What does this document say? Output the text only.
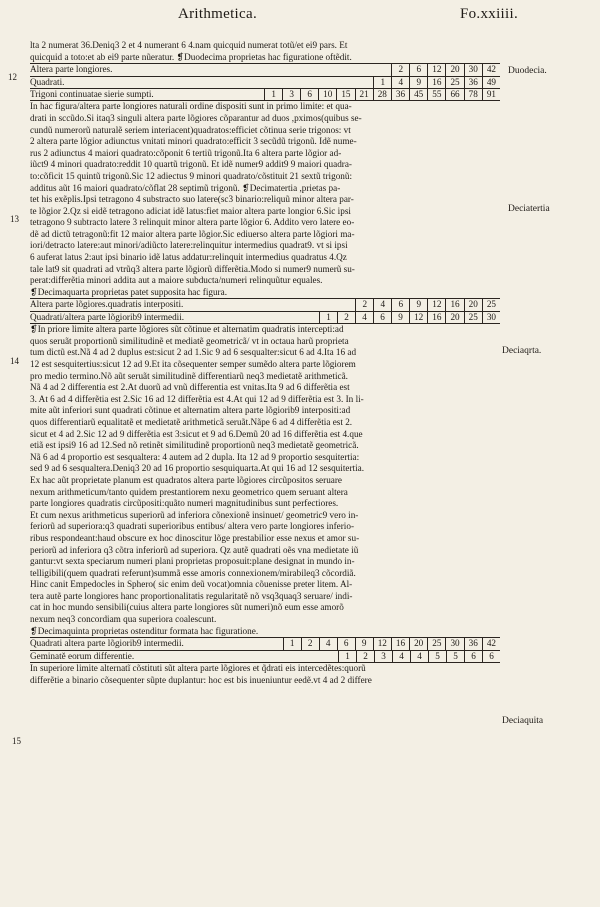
Arithmetica.	Fo.xxiiii.
12
13
14
15
Duodecia.
Deciatertia
Deciaqrta.
Deciaquita
lta 2 numerat 36.Deniq3 2 et 4 numerant 6 4.nam quicquid numerat totũ/et ei9 pars. Et
quicquid a toto:et ab ei9 parte nũeratur. ❡Duodecima proprietas hac figuratione oftẽdit.
Altera parte longiores.	2	6	12 20 30 42
Quadrati.	1	4	9	16 25 36 49
Trigoni continuatae sierie sumpti.	1	3	6	10 15 21 28 36 45 55 66 78 91
In hac figura/altera parte longiores naturali ordine dispositi sunt in primo limite: et qua-
drati in sccũdo.Si itaq3 singuli altera parte lõgiores cõparantur ad duos ,pximos(quibus se-
cundũ numerorũ naturalẽ seriem interiacent)quadratos:efficiet cõtinua serie trigonos: vt
2 altera parte lõgior adiunctus vnitati minori quadrato:efficit 3 secũdũ trigonũ. Idẽ nume-
rus 2 adiunctus 4 maiori quadrato:cõponit 6 tertiũ trigonũ.Ita 6 altera parte lõgior ad-
iũct9 4 minori quadrato:reddit 10 quartũ trigonũ. Et idẽ numer9 addit9 9 maiori quadra-
to:cõficit 15 quintũ trigonũ.Sic 12 adiectus 9 minori quadrato/cõstituit 21 sextũ trigonũ:
additus aũt 16 maiori quadrato/cõflat 28 septimũ trigonũ. ❡Decimatertia ,prietas pa-
tet his exẽplis.Ipsi tetragono 4 substracto suo latere(sc3 binario:reliquũ minor altera par-
te lõgior 2.Qz si eidẽ tetragono adiciat idẽ latus:fiet maior altera parte longior 6.Sic ipsi
tetragono 9 subtracto latere 3 relinquit minor altera parte lõgior 6. Addito vero latere eo-
dẽ ad dictũ tetragonũ:fit 12 maior altera parte lõgior.Sic ediuerso altera parte lõgiori ma-
iori/detracto latere:aut minori/adiũcto latere:relinquitur intermedius quadrat9. vt si ipsi
6 auferat latus 2:aut ipsi binario idẽ latus addatur:relinquit intermedius quadratus 4.Qz
tale lat9 sit quadrati ad vtrũq3 altera parte lõgiorũ differẽtia.Modo si numer9 numerũ su-
perat:differẽtia minori addita aut a maiore subducta/numeri relinquũtur equales.
❡Decimaquarta proprietas patet supposita hac figura.
Altera parte lõgiores.quadratis interpositi.	2	4	6	9	12 16 20 25
Quadrati/altera parte lõgiorib9 intermedii.	1	2	4	6	9	12 16 20 25 30
❡In priore limite altera parte lõgiores sũt cõtinue et alternatim quadratis intercepti:ad
quos seruãt proportionũ similitudinẽ et mediatẽ geometricã/ vt in octaua harũ proprieta
tum dictũ est.Nã 4 ad 2 duplus est:sicut 2 ad 1.Sic 9 ad 6 sesqualter:sicut 6 ad 4.Ita 16 ad
12 est sesquitertius:sicut 12 ad 9.Et ita cõsequenter semper sumẽdo altera parte lõgiorem
pro medio termino.Nõ aũt seruãt similitudinẽ differentiarũ neq3 medietatẽ arithmeticã.
Nã 4 ad 2 differentia est 2.At duorũ ad vnũ differentia est vnitas.Ita 9 ad 6 differẽtia est
3. At 6 ad 4 differẽtia est 2.Sic 16 ad 12 differẽtia est 4.At qui 12 ad 9 differẽtia est 3. In li-
mite aũt inferiori sunt quadrati cõtinue et alternatim altera parte lõgiorib9 interpositi:ad
quos differentiarũ equalitatẽ et medietatẽ arithmeticã seruãt.Nãpe 6 ad 4 differẽtia est 2.
sicut et 4 ad 2.Sic 12 ad 9 differẽtia est 3:sicut et 9 ad 6.Demũ 20 ad 16 differẽtia est 4.que
etiã est ipsi9 16 ad 12.Sed nõ retinẽt similitudinẽ proportionũ neq3 medietatẽ geometricã.
Nã 6 ad 4 proportio est sesqualtera: 4 autem ad 2 dupla. Ita 12 ad 9 proportio sesquitertia:
sed 9 ad 6 sesqualtera.Deniq3 20 ad 16 proportio sesquiquarta.At qui 16 ad 12 sesquitertia.
Ex hac aũt proprietate planum est quadratos altera parte lõgiores circũpositos seruare
nexum arithmeticum/tanto quidem prestantiorem nexu geometrico quem seruant altera
parte longiores quadratis circũpositi:quãto numeri magnitudinibus sunt perfectiores.
Et cum nexus arithmeticus superiorũ ad inferiora cõnexionẽ insinuet/ geometric9 vero in-
feriorũ ad superiora:q3 quadrati superioribus entibus/ altera vero parte longiores inferio-
ribus respondeant:haud obscure ex hoc dinoscitur lõge prestabilior esse nexus et amor su-
periorũ ad inferiora q3 cõtra inferiorũ ad superiora. Qz autẽ quadrati oẽs vna medietate iũ
gantur:vt sexta speciarum numeri plani proprietas proposuit:plane designat in mundo in-
telligibili(quem quadrati referunt)summã esse amoris connexionem/mirabileq3 cõcordiã.
Hinc canit Empedocles in Sphero( sic enim deũ vocat)omnia cõuenisse preter litem. Al-
tera autẽ parte longiores hanc proportionalitatis regularitatẽ nõ vsq3quaq3 seruare/ indi-
cat in hoc mundo sensibili(cuius altera parte longiores sũt numeri)nõ eum esse amorõ
nexum neq3 concordiam qua superiora coalescunt.
❡Decimaquinta proprietas ostenditur formata hac figuratione.
Quadrati altera parte lõgiorib9 intermedii.	1	2	4	6	9	12 16 20 25 30 36 42
Geminatĕ eorum differentie.	1	2	3	4	4	5	5	6	6
In superiore limite alternatĩ cõstituti sũt altera parte lõgiores et q̃drati eis intercedẽtes:quorũ
differẽtie a binario cõsequenter sũpte duplantur: hoc est bis inueniuntur eedẽ.vt 4 ad 2 differe
